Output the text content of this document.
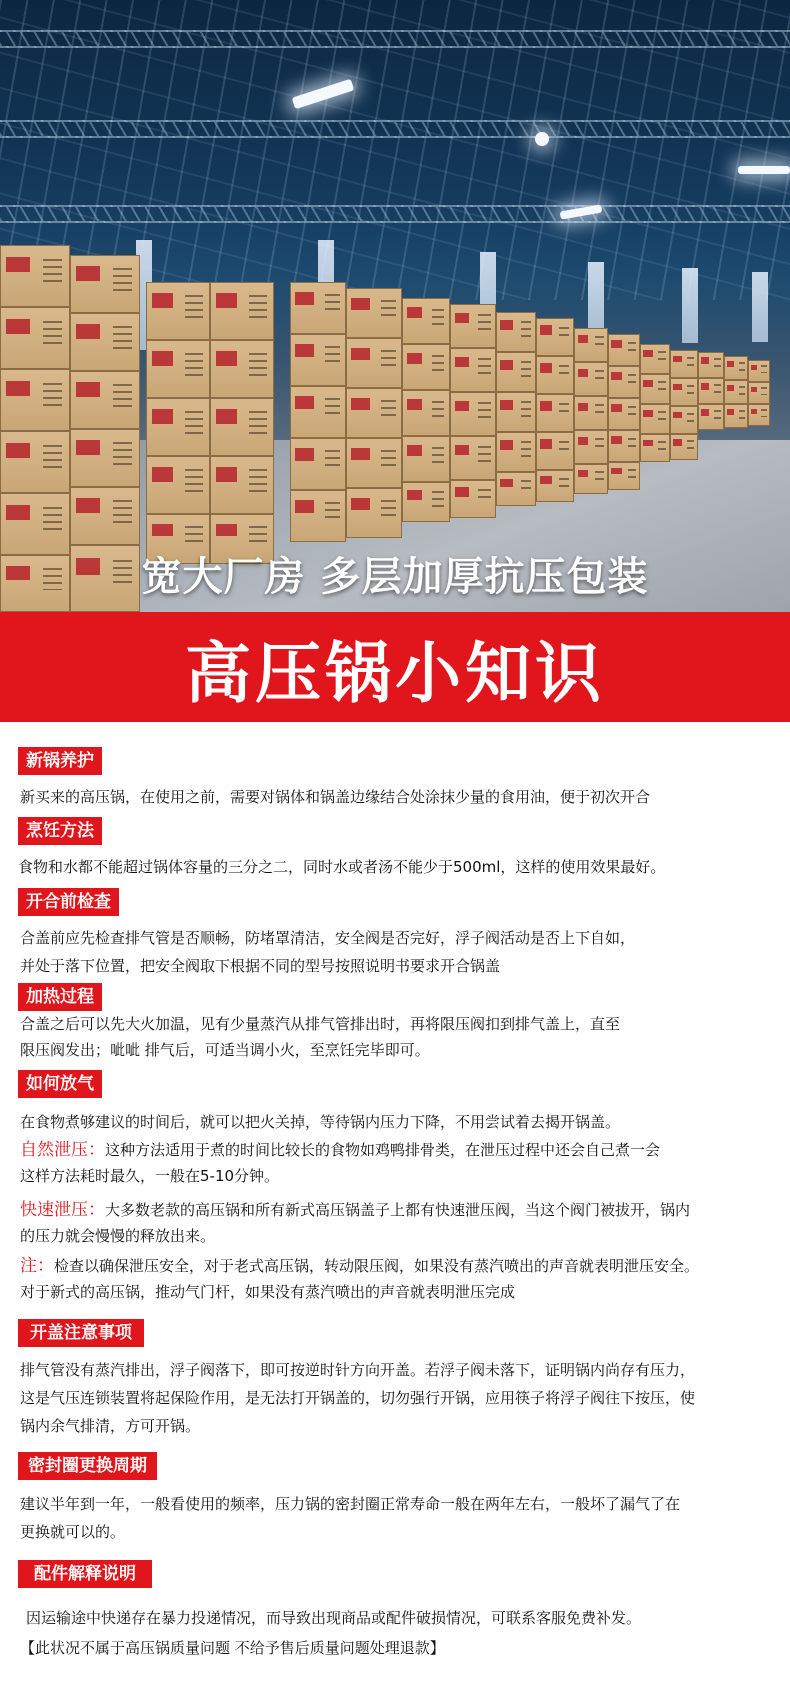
宽大厂房 多层加厚抗压包装
高压锅小知识
新锅养护
新买来的高压锅，在使用之前，需要对锅体和锅盖边缘结合处涂抹少量的食用油，便于初次开合
烹饪方法
食物和水都不能超过锅体容量的三分之二，同时水或者汤不能少于500ml，这样的使用效果最好。
开合前检查
合盖前应先检查排气管是否顺畅，防堵罩清洁，安全阀是否完好，浮子阀活动是否上下自如，
并处于落下位置，把安全阀取下根据不同的型号按照说明书要求开合锅盖
加热过程
合盖之后可以先大火加温，见有少量蒸汽从排气管排出时，再将限压阀扣到排气盖上，直至
限压阀发出；呲呲 排气后，可适当调小火，至烹饪完毕即可。
如何放气
在食物煮够建议的时间后，就可以把火关掉，等待锅内压力下降，不用尝试着去揭开锅盖。
自然泄压：这种方法适用于煮的时间比较长的食物如鸡鸭排骨类，在泄压过程中还会自己煮一会
这样方法耗时最久，一般在5-10分钟。
快速泄压：大多数老款的高压锅和所有新式高压锅盖子上都有快速泄压阀，当这个阀门被拔开，锅内
的压力就会慢慢的释放出来。
注：检查以确保泄压安全，对于老式高压锅，转动限压阀，如果没有蒸汽喷出的声音就表明泄压安全。
对于新式的高压锅，推动气门杆，如果没有蒸汽喷出的声音就表明泄压完成
开盖注意事项
排气管没有蒸汽排出，浮子阀落下，即可按逆时针方向开盖。若浮子阀未落下，证明锅内尚存有压力，
这是气压连锁装置将起保险作用，是无法打开锅盖的，切勿强行开锅，应用筷子将浮子阀往下按压，使
锅内余气排清，方可开锅。
密封圈更换周期
建议半年到一年，一般看使用的频率，压力锅的密封圈正常寿命一般在两年左右，一般坏了漏气了在
更换就可以的。
配件解释说明
因运输途中快递存在暴力投递情况，而导致出现商品或配件破损情况，可联系客服免费补发。
【此状况不属于高压锅质量问题 不给予售后质量问题处理退款】
